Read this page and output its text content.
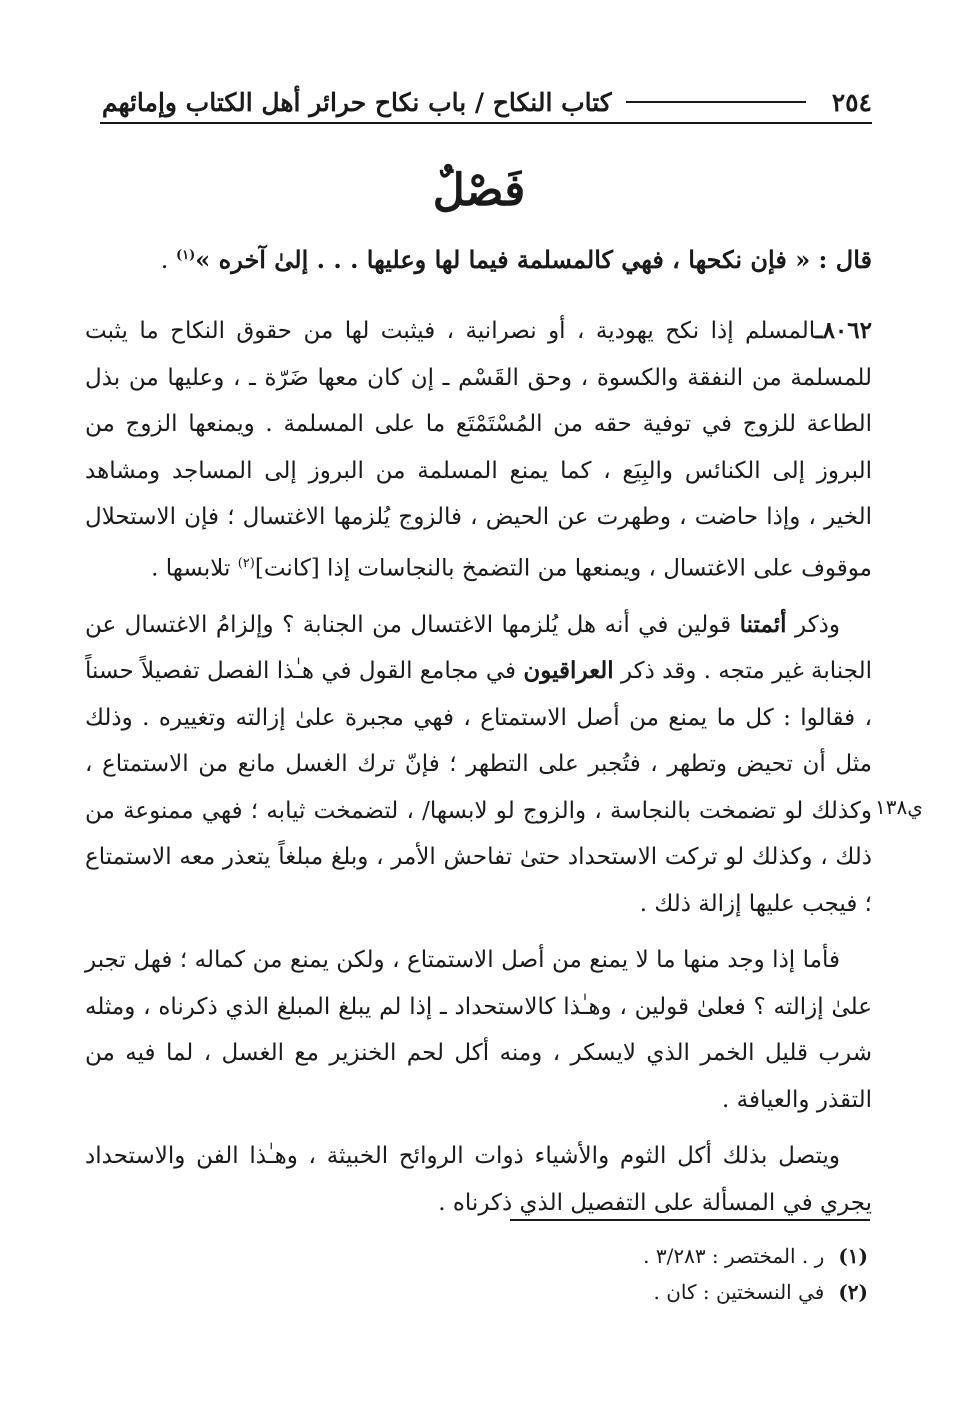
٢٥٤
كتاب النكاح / باب نكاح حرائر أهل الكتاب وإمائهم
فَصْلٌ
قال : « فإن نكحها ، فهي كالمسلمة فيما لها وعليها . . . إلىٰ آخره »$^{(١)}$ .

٨٠٦٢ـالمسلم إذا نكح يهودية ، أو نصرانية ، فيثبت لها من حقوق النكاح ما يثبت للمسلمة من النفقة والكسوة ، وحق القَسْم ـ إن كان معها ضَرّة ـ ، وعليها من بذل الطاعة للزوج في توفية حقه من المُسْتَمْتَع ما على المسلمة . ويمنعها الزوج من البروز إلى الكنائس والبِيَع ، كما يمنع المسلمة من البروز إلى المساجد ومشاهد الخير ، وإذا حاضت ، وطهرت عن الحيض ، فالزوج يُلزمها الاغتسال ؛ فإن الاستحلال موقوف على الاغتسال ، ويمنعها من التضمخ بالنجاسات إذا [كانت]$^{(٢)}$ تلابسها .

وذكر أئمتنا قولين في أنه هل يُلزمها الاغتسال من الجنابة ؟ وإلزامُ الاغتسال عن الجنابة غير متجه . وقد ذكر العراقيون في مجامع القول في هـٰذا الفصل تفصيلاً حسناً ، فقالوا : كل ما يمنع من أصل الاستمتاع ، فهي مجبرة علىٰ إزالته وتغييره . وذلك مثل أن تحيض وتطهر ، فتُجبر على التطهر ؛ فإنّ ترك الغسل مانع من الاستمتاع ، وكذلك لو تضمخت بالنجاسة ، والزوج لو لابسها/ ، لتضمخت ثيابه ؛ فهي ممنوعة من ذلك ، وكذلك لو تركت الاستحداد حتىٰ تفاحش الأمر ، وبلغ مبلغاً يتعذر معه الاستمتاع ؛ فيجب عليها إزالة ذلك .

فأما إذا وجد منها ما لا يمنع من أصل الاستمتاع ، ولكن يمنع من كماله ؛ فهل تجبر علىٰ إزالته ؟ فعلىٰ قولين ، وهـٰذا كالاستحداد ـ إذا لم يبلغ المبلغ الذي ذكرناه ، ومثله شرب قليل الخمر الذي لايسكر ، ومنه أكل لحم الخنزير مع الغسل ، لما فيه من التقذر والعيافة .

ويتصل بذلك أكل الثوم والأشياء ذوات الروائح الخبيثة ، وهـٰذا الفن والاستحداد يجري في المسألة على التفصيل الذي ذكرناه .

ي١٣٨
(١)ر . المختصر : ٣/٢٨٣ .
(٢)في النسختين : كان .
